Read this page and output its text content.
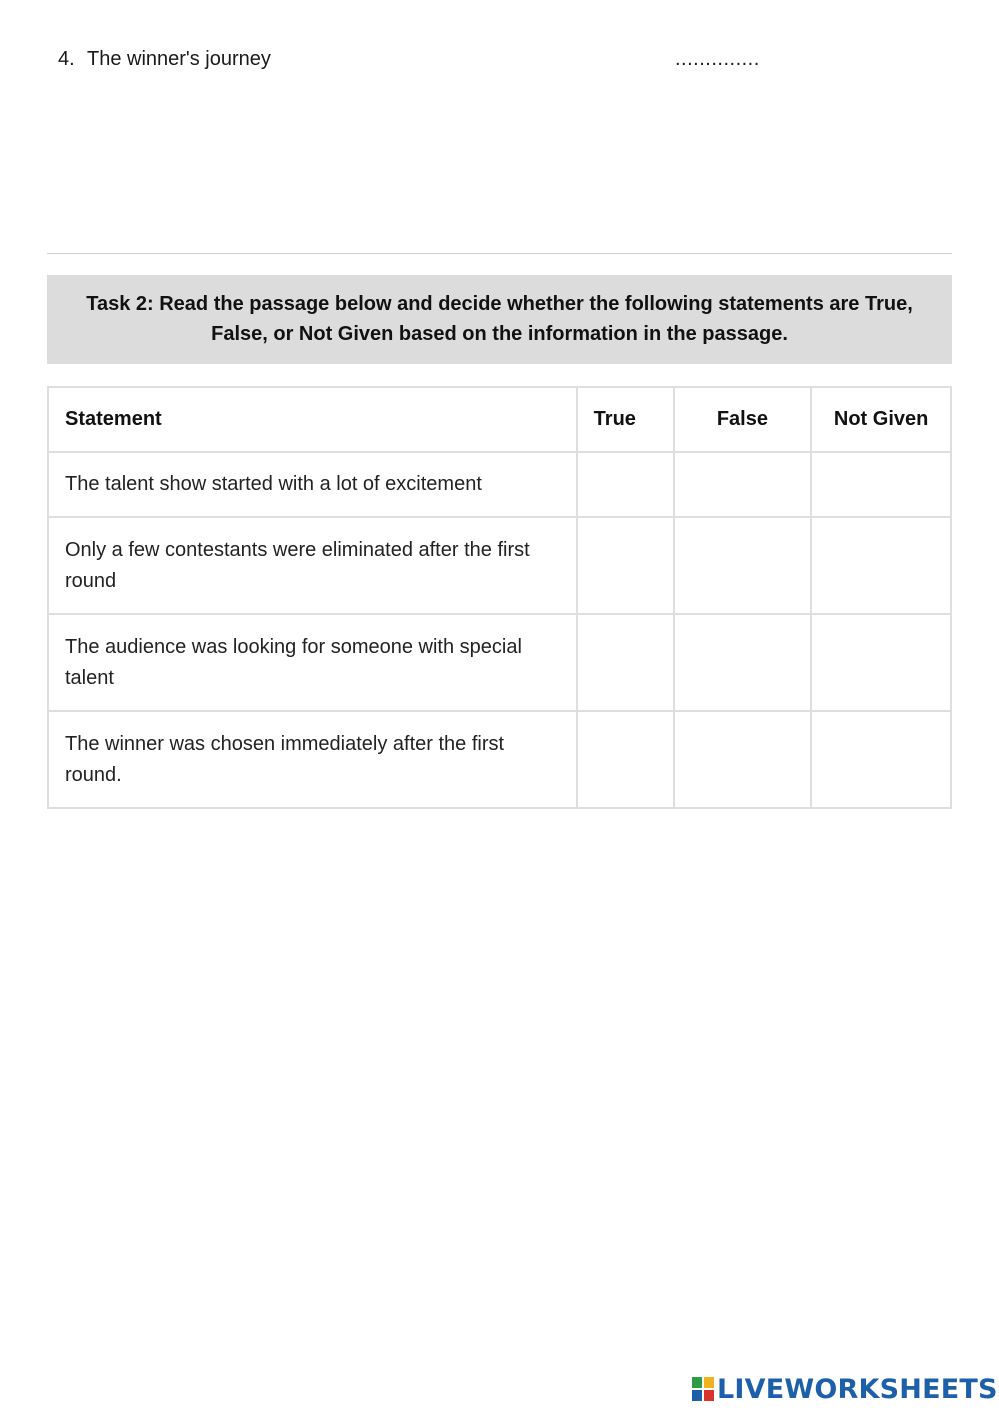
4. The winner's journey	..............
Task 2: Read the passage below and decide whether the following statements are True, False, or Not Given based on the information in the passage.
Statement	True	False	Not Given
The talent show started with a lot of excitement			
Only a few contestants were eliminated after the first round			
The audience was looking for someone with special talent			
The winner was chosen immediately after the first round.			
LIVEWORKSHEETS
